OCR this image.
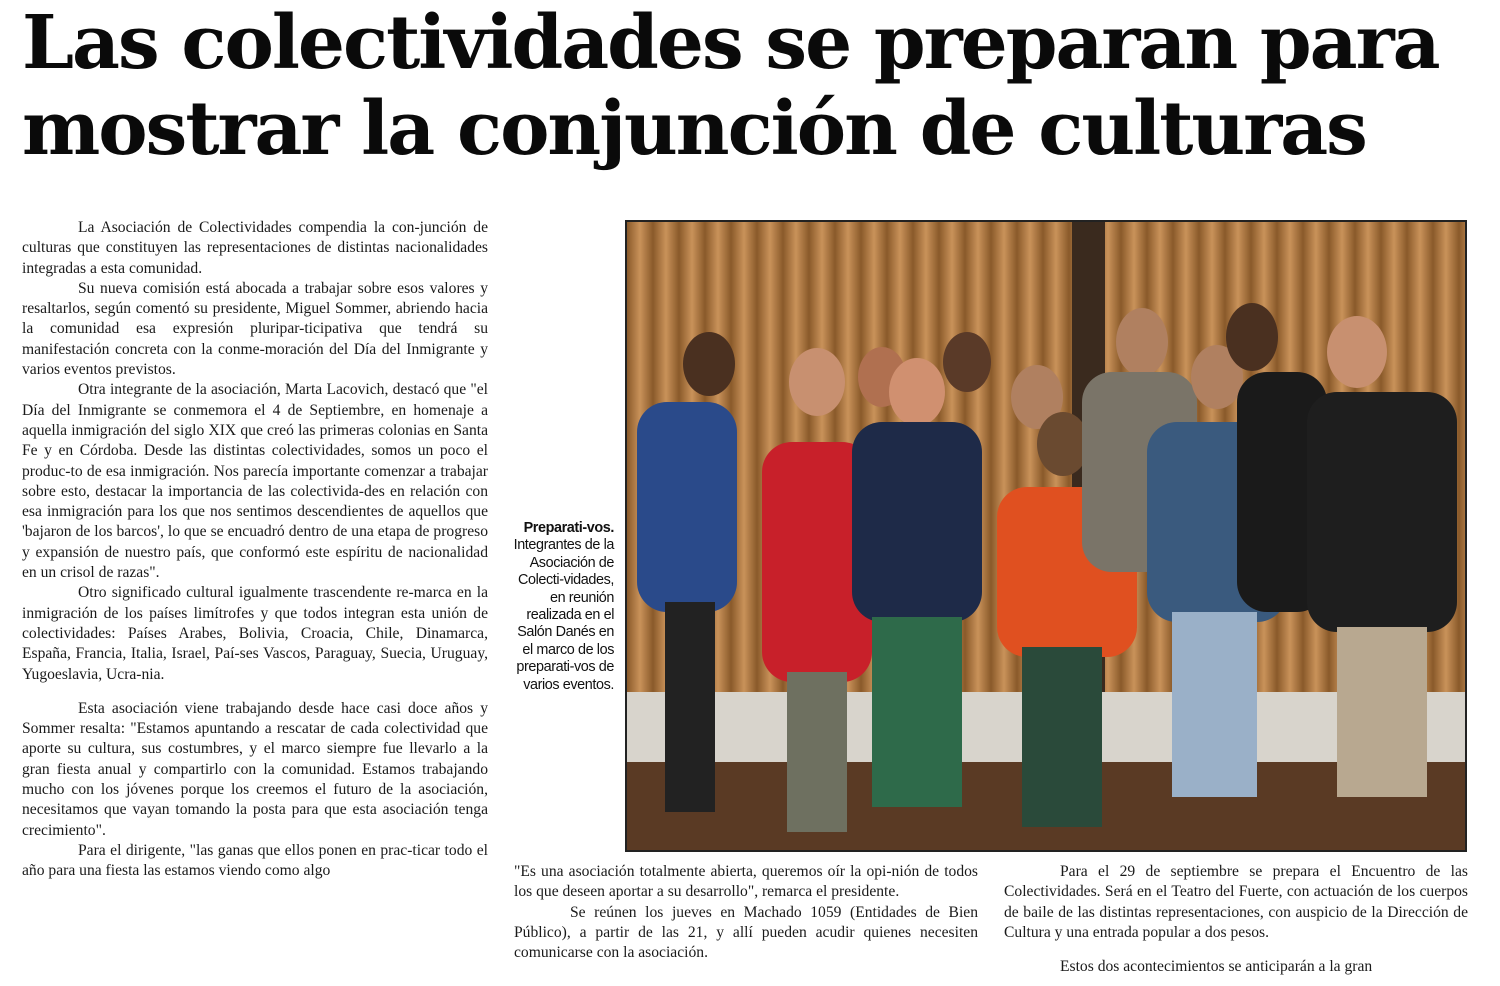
Las colectividades se preparan para
mostrar la conjunción de culturas

La Asociación de Colectividades compendia la con-junción de culturas que constituyen las representaciones de distintas nacionalidades integradas a esta comunidad.

Su nueva comisión está abocada a trabajar sobre esos valores y resaltarlos, según comentó su presidente, Miguel Sommer, abriendo hacia la comunidad esa expresión pluripar-ticipativa que tendrá su manifestación concreta con la conme-moración del Día del Inmigrante y varios eventos previstos.

Otra integrante de la asociación, Marta Lacovich, destacó que "el Día del Inmigrante se conmemora el 4 de Septiembre, en homenaje a aquella inmigración del siglo XIX que creó las primeras colonias en Santa Fe y en Córdoba. Desde las distintas colectividades, somos un poco el produc-to de esa inmigración. Nos parecía importante comenzar a trabajar sobre esto, destacar la importancia de las colectivida-des en relación con esa inmigración para los que nos sentimos descendientes de aquellos que 'bajaron de los barcos', lo que se encuadró dentro de una etapa de progreso y expansión de nuestro país, que conformó este espíritu de nacionalidad en un crisol de razas".

Otro significado cultural igualmente trascendente re-marca en la inmigración de los países limítrofes y que todos integran esta unión de colectividades: Países Arabes, Bolivia, Croacia, Chile, Dinamarca, España, Francia, Italia, Israel, Paí-ses Vascos, Paraguay, Suecia, Uruguay, Yugoeslavia, Ucra-nia.

Esta asociación viene trabajando desde hace casi doce años y Sommer resalta: "Estamos apuntando a rescatar de cada colectividad que aporte su cultura, sus costumbres, y el marco siempre fue llevarlo a la gran fiesta anual y compartirlo con la comunidad. Estamos trabajando mucho con los jóvenes porque los creemos el futuro de la asociación, necesitamos que vayan tomando la posta para que esta asociación tenga crecimiento".

Para el dirigente, "las ganas que ellos ponen en prac-ticar todo el año para una fiesta las estamos viendo como algo

Preparati-vos.
Integrantes de la Asociación de Colecti-vidades, en reunión realizada en el Salón Danés en el marco de los preparati-vos de varios eventos.

"Es una asociación totalmente abierta, queremos oír la opi-nión de todos los que deseen aportar a su desarrollo", remarca el presidente.

Se reúnen los jueves en Machado 1059 (Entidades de Bien Público), a partir de las 21, y allí pueden acudir quienes necesiten comunicarse con la asociación.

Para el 29 de septiembre se prepara el Encuentro de las Colectividades. Será en el Teatro del Fuerte, con actuación de los cuerpos de baile de las distintas representaciones, con auspicio de la Dirección de Cultura y una entrada popular a dos pesos.

Estos dos acontecimientos se anticiparán a la gran
